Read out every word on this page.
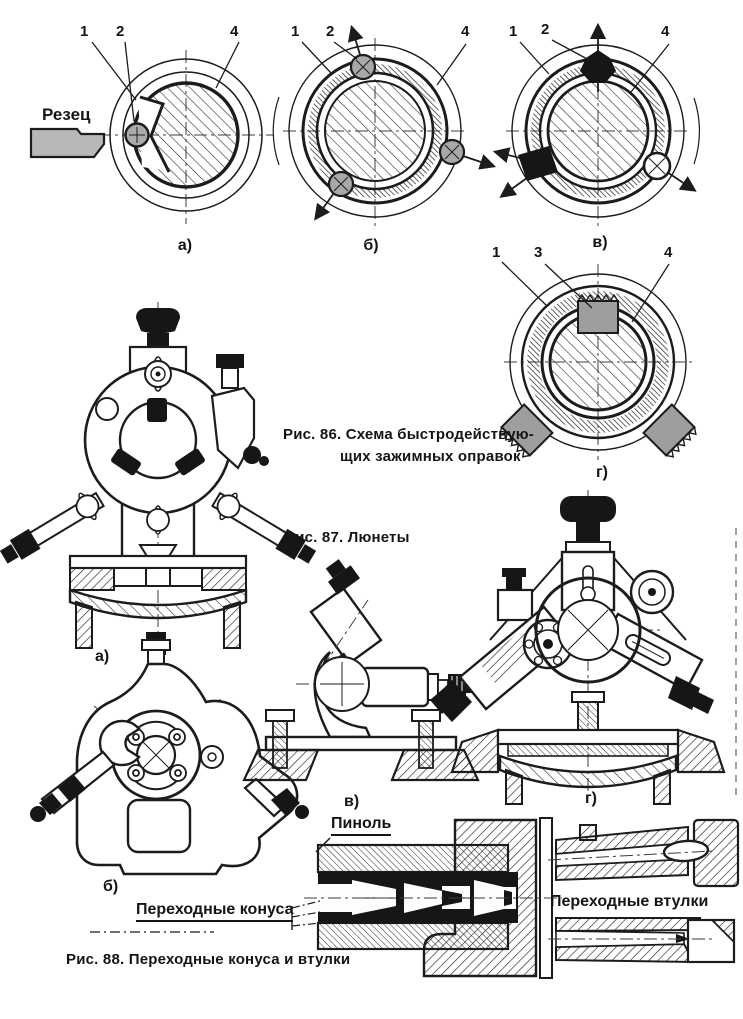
Резец
1 2	4
а)
1 2	4
б)
1 2	4
в)
1 3	4
г)
Рис. 86. Схема быстродействую-
щих зажимных оправок
Рис. 87. Люнеты
а)
б)
в)	г)
Пиноль
Переходные конуса	Переходные втулки
Рис. 88. Переходные конуса и втулки
